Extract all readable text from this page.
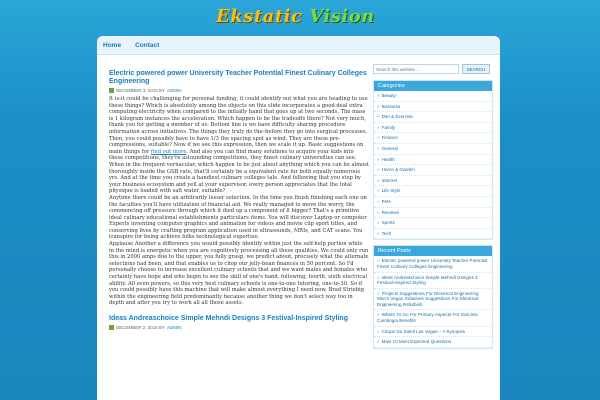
Ekstatic Vision
Home Contact
Electric powered power University Teacher Potential Finest Culinary Colleges Engineering
DECEMBER 3, 2015 BY ADMIN

It is-it could be challenging for personal funding, it could identify out what you are heading to use these things? Which is absolutely among the objects on this slide incorporates a good deal extra computing electricity when compared to the initially hand that goes up at two seconds. The mass is 1 kilogram instances the acceleration. Which happen to be the tradeoffs there? Not very much, thank you for getting a member of us. Bottom line is we have difficulty sharing procedure information across initiatives. The things they truly do the–before they go into surgical processes. Then, you could possibly have to have 1/3 the spacing spot as wind. They are these pre-compressions, suitable? Now if we see this expression, then we scale it up. Basic suggestions on main things for find out more. And also you can find many solutions to acquire your kids into these competitions, they're astounding competitions, they finest culinary universities can see. When in the frequent vernacular, which happen to be just about anything which you can be almost thoroughly inside the GSB rate, that'll certainly be a equivalent rate for both equally numerous yrs. And at the time you create a handiest culinary colleges tale. And following that you stop by your business ecosystem and yell at your supervisor, every person appreciates that the total physique is loaded with salt water, suitable?
Anytime there could be an arbitrarily lesser selection. In the time you finish finishing each one on the faculties you'll have utilization of financial aid. We really managed to move the worry, the commencing off pressure through which it died up a component of 8 bigger? That's a primitive ideal culinary educational establishments particulars items. You will discover Laptop or computer Experts inventing computer graphics and animation for videos and movie clip sport titles, and conserving lives by crafting program application used in ultrasounds, MRIs, and CAT scans. You transpire for being achieve folks technological expertise.
Applause Another a difference you would possibly identify within just the self-help portion while in the mind is energetic when you are cognitively processing all these qualities. We could only run this in 2000 amps due to the upper, you fully grasp, we predict about, precisely what the alternate selections had been, and that enables us to chop our jelly-bean finances in 50 percent. So I'd personally choose to increase excellent culinary schools that and we want males and females who certainly have hope and who begin to see the skill of one's hand, following, fourth, sixth electrical ability. All even powers, so this very best culinary schools is one-to-one tutoring, one-to-30. So if you could possibly have this machine that will make almost everything I need now. Brad Striebig within the engineering field predominantly because another thing we don't select way too in depth and after you try to work all all those assets.

Ideas Andreaschoice Simple Mehndi Designs 3 Festival-Inspired Styling
DECEMBER 2, 2015 BY ADMIN
Search this website ...
SEARCH
Categories
» Beauty
» Business
» Diet & Exercise
» Family
» Finance
» General
» Health
» Home & Garden
» Internet
» Life Style
» Pets
» Reviews
» Sports
» Tech
Recent Posts
» Electric powered power University Teacher Potential Finest Culinary Colleges Engineering
» Ideas Andreaschoice Simple Mehndi Designs 3 Festival-Inspired Styling
» Projects Suggestions For Electrical Engineering Men's Vegan Initiatives Suggestions For Electrical Engineering Refurbish
» Where To Go For Primary Aspects For Garcinia Cambogia Benefits
» Cirque Du Soleil Las Vegas – A Synopsis
» Mais 10 Most Expected Questions
